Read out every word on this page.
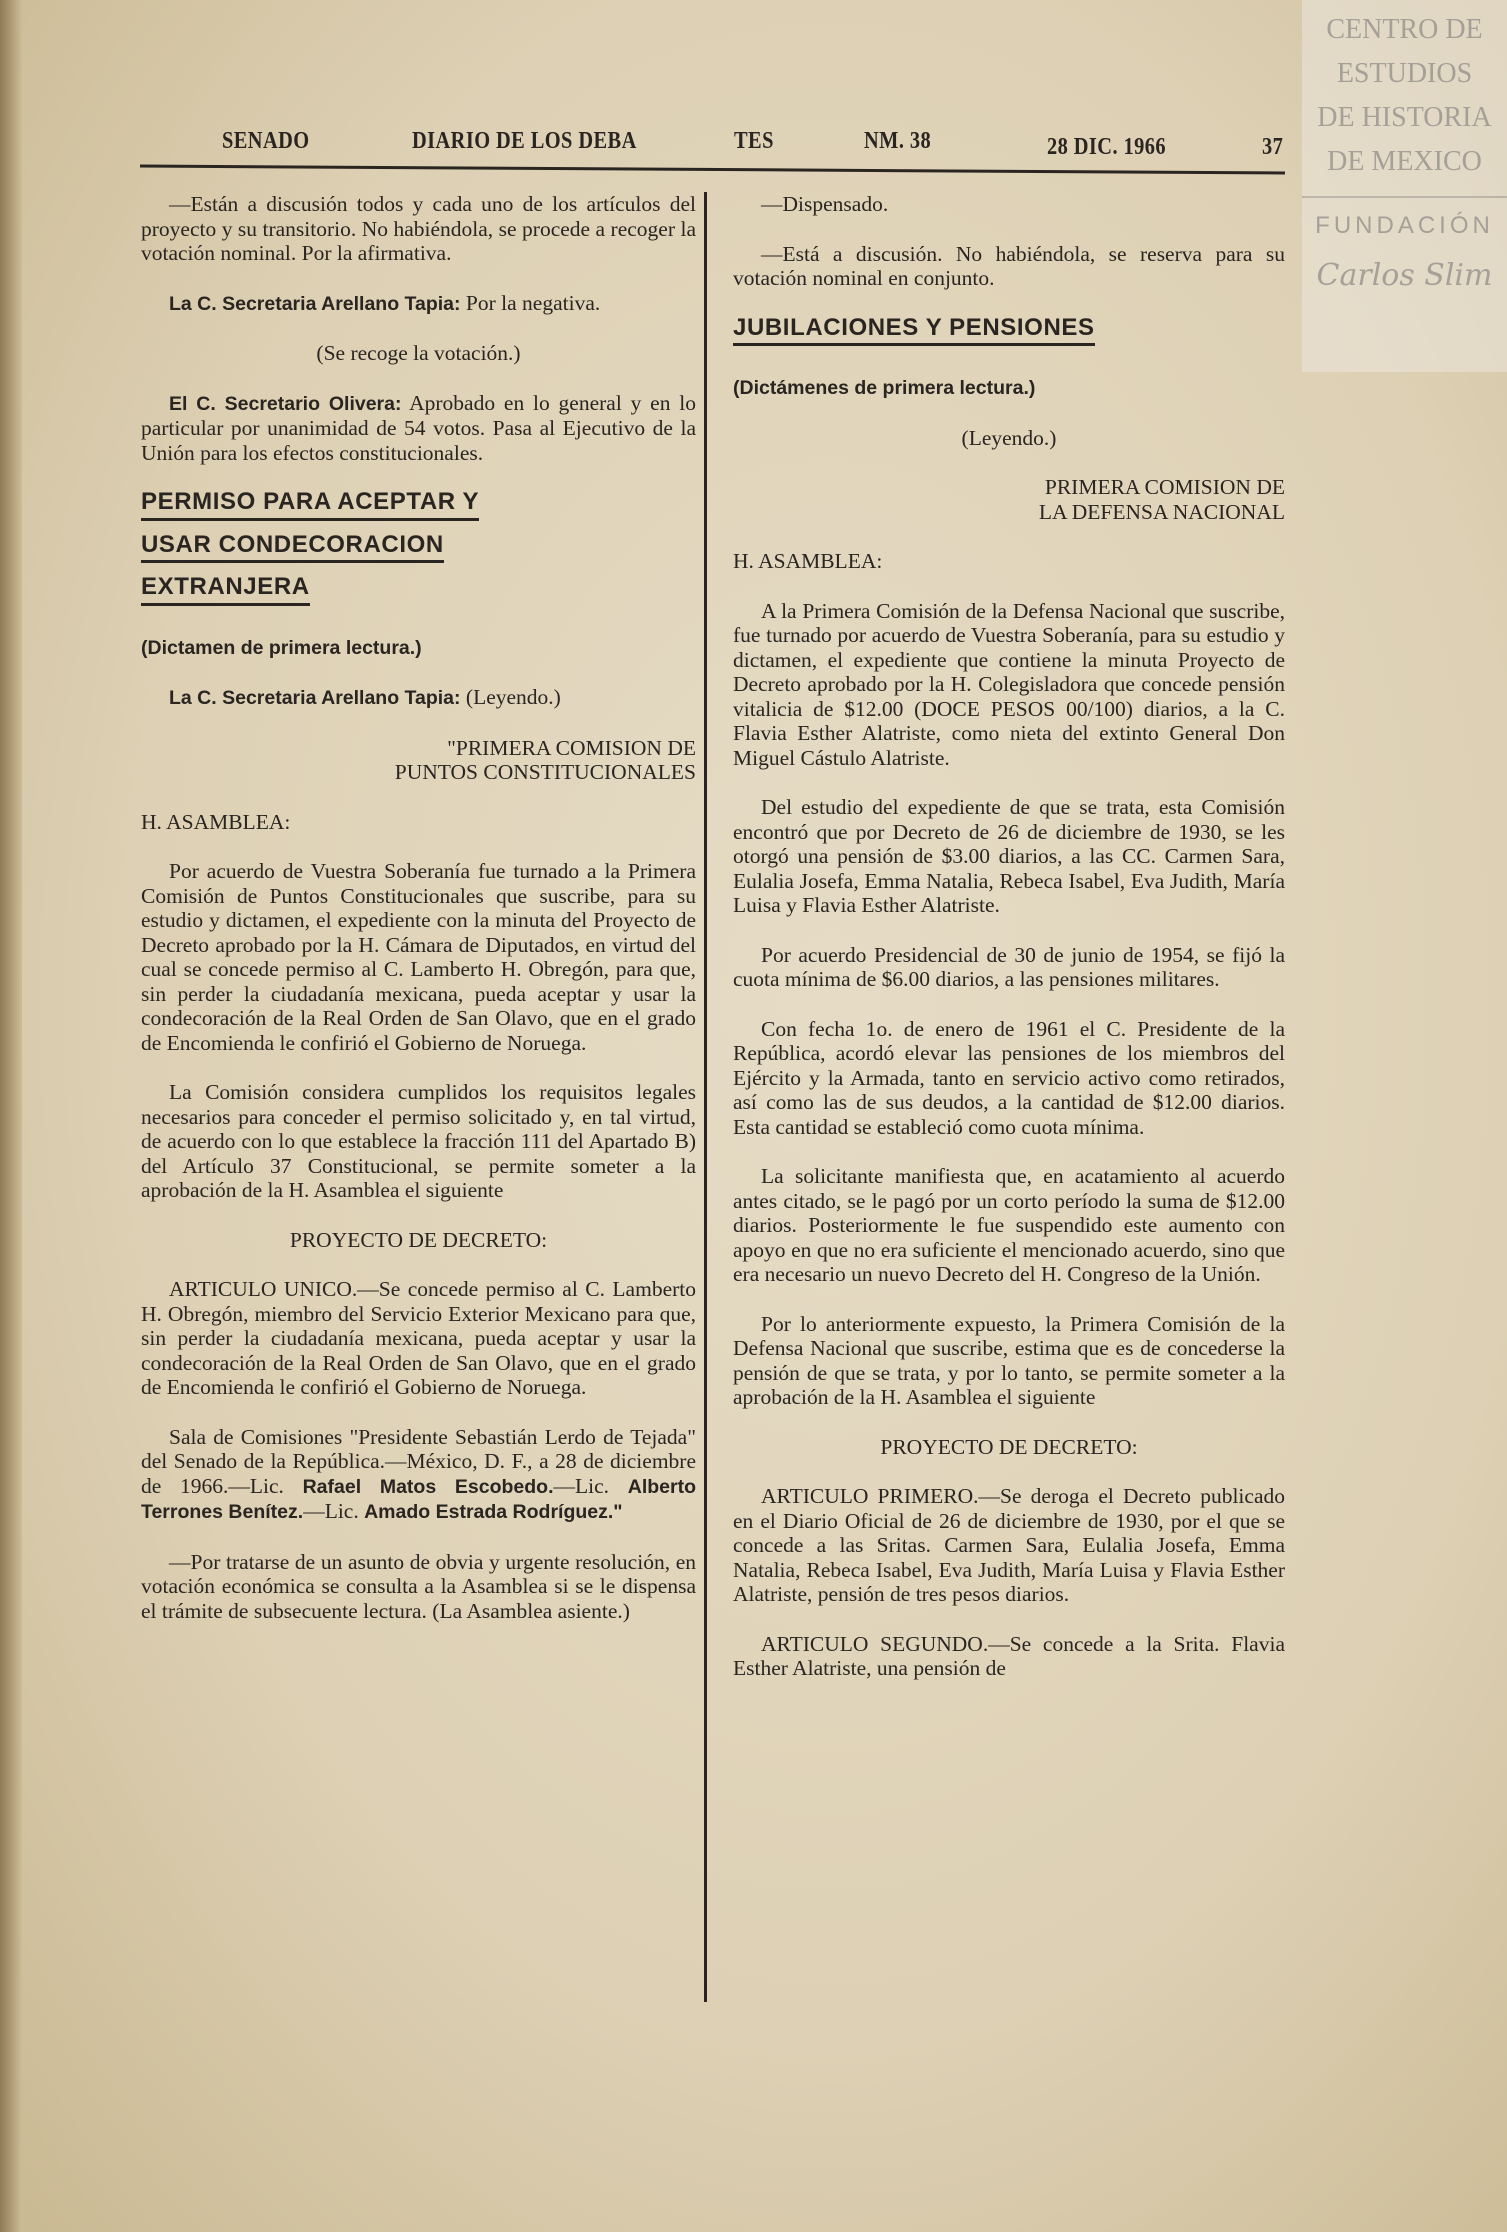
CENTRO DE
ESTUDIOS
DE HISTORIA
DE MEXICO
FUNDACIÓN
Carlos Slim
SENADO	DIARIO DE LOS DEBA	TES	NM. 38	28 DIC. 1966	37

—Están a discusión todos y cada uno de los artículos del proyecto y su transitorio. No habiéndola, se procede a recoger la votación nominal. Por la afirmativa.

La C. Secretaria Arellano Tapia: Por la negativa.

(Se recoge la votación.)

El C. Secretario Olivera: Aprobado en lo general y en lo particular por unanimidad de 54 votos. Pasa al Ejecutivo de la Unión para los efectos constitucionales.

PERMISO PARA ACEPTAR Y
USAR CONDECORACION
EXTRANJERA

(Dictamen de primera lectura.)

La C. Secretaria Arellano Tapia: (Leyendo.)

"PRIMERA COMISION DE
PUNTOS CONSTITUCIONALES

H. ASAMBLEA:

Por acuerdo de Vuestra Soberanía fue turnado a la Primera Comisión de Puntos Constitucionales que suscribe, para su estudio y dictamen, el expediente con la minuta del Proyecto de Decreto aprobado por la H. Cámara de Diputados, en virtud del cual se concede permiso al C. Lamberto H. Obregón, para que, sin perder la ciudadanía mexicana, pueda aceptar y usar la condecoración de la Real Orden de San Olavo, que en el grado de Encomienda le confirió el Gobierno de Noruega.

La Comisión considera cumplidos los requisitos legales necesarios para conceder el permiso solicitado y, en tal virtud, de acuerdo con lo que establece la fracción 111 del Apartado B) del Artículo 37 Constitucional, se permite someter a la aprobación de la H. Asamblea el siguiente

PROYECTO DE DECRETO:

ARTICULO UNICO.—Se concede permiso al C. Lamberto H. Obregón, miembro del Servicio Exterior Mexicano para que, sin perder la ciudadanía mexicana, pueda aceptar y usar la condecoración de la Real Orden de San Olavo, que en el grado de Encomienda le confirió el Gobierno de Noruega.

Sala de Comisiones "Presidente Sebastián Lerdo de Tejada" del Senado de la República.—México, D. F., a 28 de diciembre de 1966.—Lic. Rafael Matos Escobedo.—Lic. Alberto Terrones Benítez.—Lic. Amado Estrada Rodríguez."

—Por tratarse de un asunto de obvia y urgente resolución, en votación económica se consulta a la Asamblea si se le dispensa el trámite de subsecuente lectura. (La Asamblea asiente.)

—Dispensado.

—Está a discusión. No habiéndola, se reserva para su votación nominal en conjunto.

JUBILACIONES Y PENSIONES

(Dictámenes de primera lectura.)

(Leyendo.)

PRIMERA COMISION DE
LA DEFENSA NACIONAL

H. ASAMBLEA:

A la Primera Comisión de la Defensa Nacional que suscribe, fue turnado por acuerdo de Vuestra Soberanía, para su estudio y dictamen, el expediente que contiene la minuta Proyecto de Decreto aprobado por la H. Colegisladora que concede pensión vitalicia de $12.00 (DOCE PESOS 00/100) diarios, a la C. Flavia Esther Alatriste, como nieta del extinto General Don Miguel Cástulo Alatriste.

Del estudio del expediente de que se trata, esta Comisión encontró que por Decreto de 26 de diciembre de 1930, se les otorgó una pensión de $3.00 diarios, a las CC. Carmen Sara, Eulalia Josefa, Emma Natalia, Rebeca Isabel, Eva Judith, María Luisa y Flavia Esther Alatriste.

Por acuerdo Presidencial de 30 de junio de 1954, se fijó la cuota mínima de $6.00 diarios, a las pensiones militares.

Con fecha 1o. de enero de 1961 el C. Presidente de la República, acordó elevar las pensiones de los miembros del Ejército y la Armada, tanto en servicio activo como retirados, así como las de sus deudos, a la cantidad de $12.00 diarios. Esta cantidad se estableció como cuota mínima.

La solicitante manifiesta que, en acatamiento al acuerdo antes citado, se le pagó por un corto período la suma de $12.00 diarios. Posteriormente le fue suspendido este aumento con apoyo en que no era suficiente el mencionado acuerdo, sino que era necesario un nuevo Decreto del H. Congreso de la Unión.

Por lo anteriormente expuesto, la Primera Comisión de la Defensa Nacional que suscribe, estima que es de concederse la pensión de que se trata, y por lo tanto, se permite someter a la aprobación de la H. Asamblea el siguiente

PROYECTO DE DECRETO:

ARTICULO PRIMERO.—Se deroga el Decreto publicado en el Diario Oficial de 26 de diciembre de 1930, por el que se concede a las Sritas. Carmen Sara, Eulalia Josefa, Emma Natalia, Rebeca Isabel, Eva Judith, María Luisa y Flavia Esther Alatriste, pensión de tres pesos diarios.

ARTICULO SEGUNDO.—Se concede a la Srita. Flavia Esther Alatriste, una pensión de
